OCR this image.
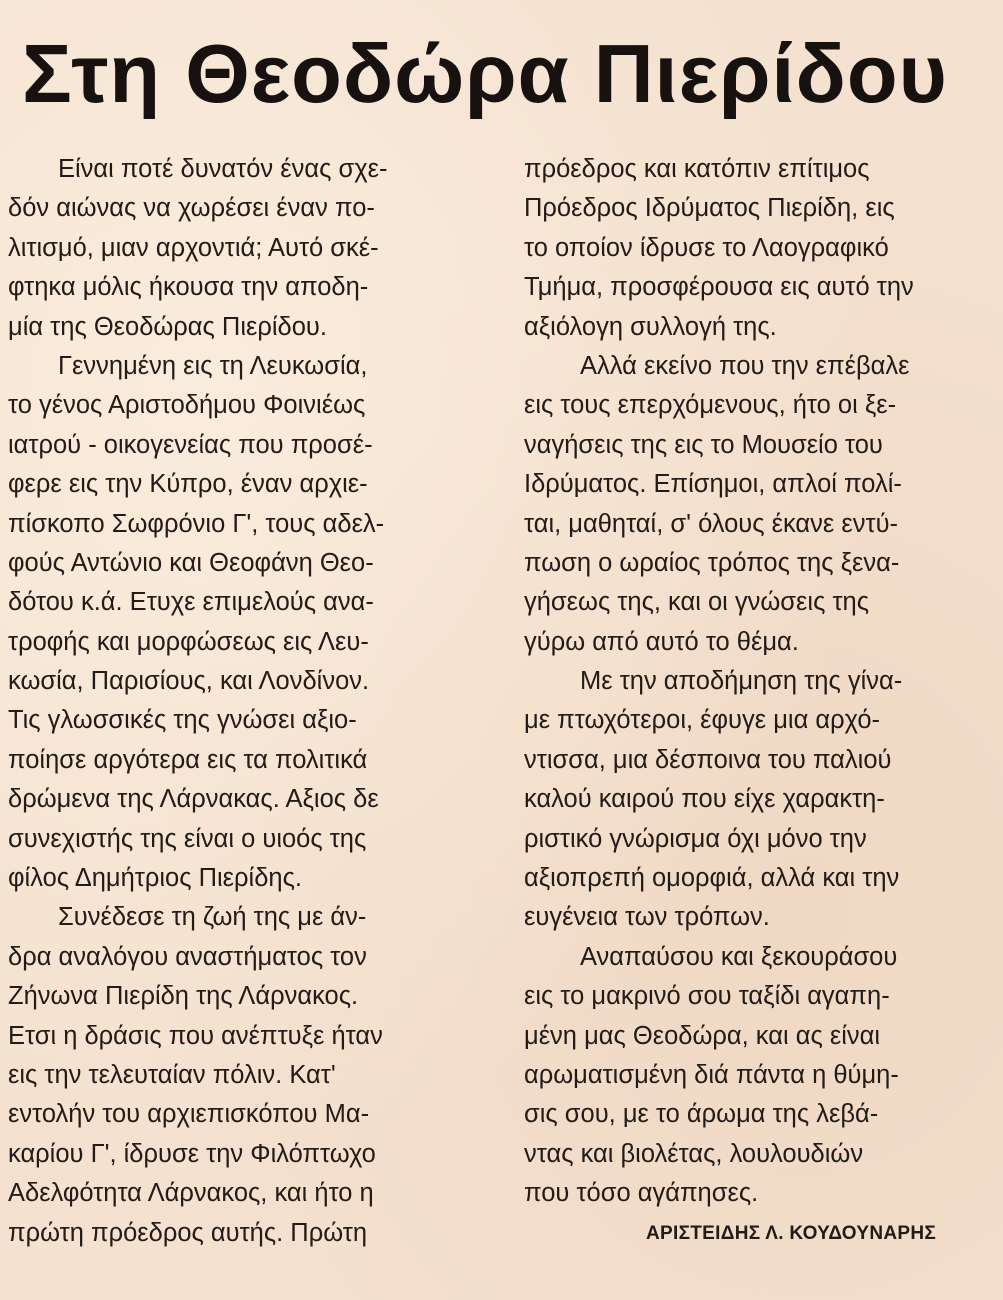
Στη Θεοδώρα Πιερίδου
Είναι ποτέ δυνατόν ένας σχε-
δόν αιώνας να χωρέσει έναν πο-
λιτισμό, μιαν αρχοντιά; Αυτό σκέ-
φτηκα μόλις ήκουσα την αποδη-
μία της Θεοδώρας Πιερίδου.
Γεννημένη εις τη Λευκωσία,
το γένος Αριστοδήμου Φοινιέως
ιατρού - οικογενείας που προσέ-
φερε εις την Κύπρο, έναν αρχιε-
πίσκοπο Σωφρόνιο Γ', τους αδελ-
φούς Αντώνιο και Θεοφάνη Θεο-
δότου κ.ά. Ετυχε επιμελούς ανα-
τροφής και μορφώσεως εις Λευ-
κωσία, Παρισίους, και Λονδίνον.
Τις γλωσσικές της γνώσει αξιο-
ποίησε αργότερα εις τα πολιτικά
δρώμενα της Λάρνακας. Αξιος δε
συνεχιστής της είναι ο υιοός της
φίλος Δημήτριος Πιερίδης.
Συνέδεσε τη ζωή της με άν-
δρα αναλόγου αναστήματος τον
Ζήνωνα Πιερίδη της Λάρνακος.
Ετσι η δράσις που ανέπτυξε ήταν
εις την τελευταίαν πόλιν. Κατ'
εντολήν του αρχιεπισκόπου Μα-
καρίου Γ', ίδρυσε την Φιλόπτωχο
Αδελφότητα Λάρνακος, και ήτο η
πρώτη πρόεδρος αυτής. Πρώτη
πρόεδρος και κατόπιν επίτιμος
Πρόεδρος Ιδρύματος Πιερίδη, εις
το οποίον ίδρυσε το Λαογραφικό
Τμήμα, προσφέρουσα εις αυτό την
αξιόλογη συλλογή της.
Αλλά εκείνο που την επέβαλε
εις τους επερχόμενους, ήτο οι ξε-
ναγήσεις της εις το Μουσείο του
Ιδρύματος. Επίσημοι, απλοί πολί-
ται, μαθηταί, σ' όλους έκανε εντύ-
πωση ο ωραίος τρόπος της ξενα-
γήσεως της, και οι γνώσεις της
γύρω από αυτό το θέμα.
Με την αποδήμηση της γίνα-
με πτωχότεροι, έφυγε μια αρχό-
ντισσα, μια δέσποινα του παλιού
καλού καιρού που είχε χαρακτη-
ριστικό γνώρισμα όχι μόνο την
αξιοπρεπή ομορφιά, αλλά και την
ευγένεια των τρόπων.
Αναπαύσου και ξεκουράσου
εις το μακρινό σου ταξίδι αγαπη-
μένη μας Θεοδώρα, και ας είναι
αρωματισμένη διά πάντα η θύμη-
σις σου, με το άρωμα της λεβά-
ντας και βιολέτας, λουλουδιών
που τόσο αγάπησες.
ΑΡΙΣΤΕΙΔΗΣ Λ. ΚΟΥΔΟΥΝΑΡΗΣ
